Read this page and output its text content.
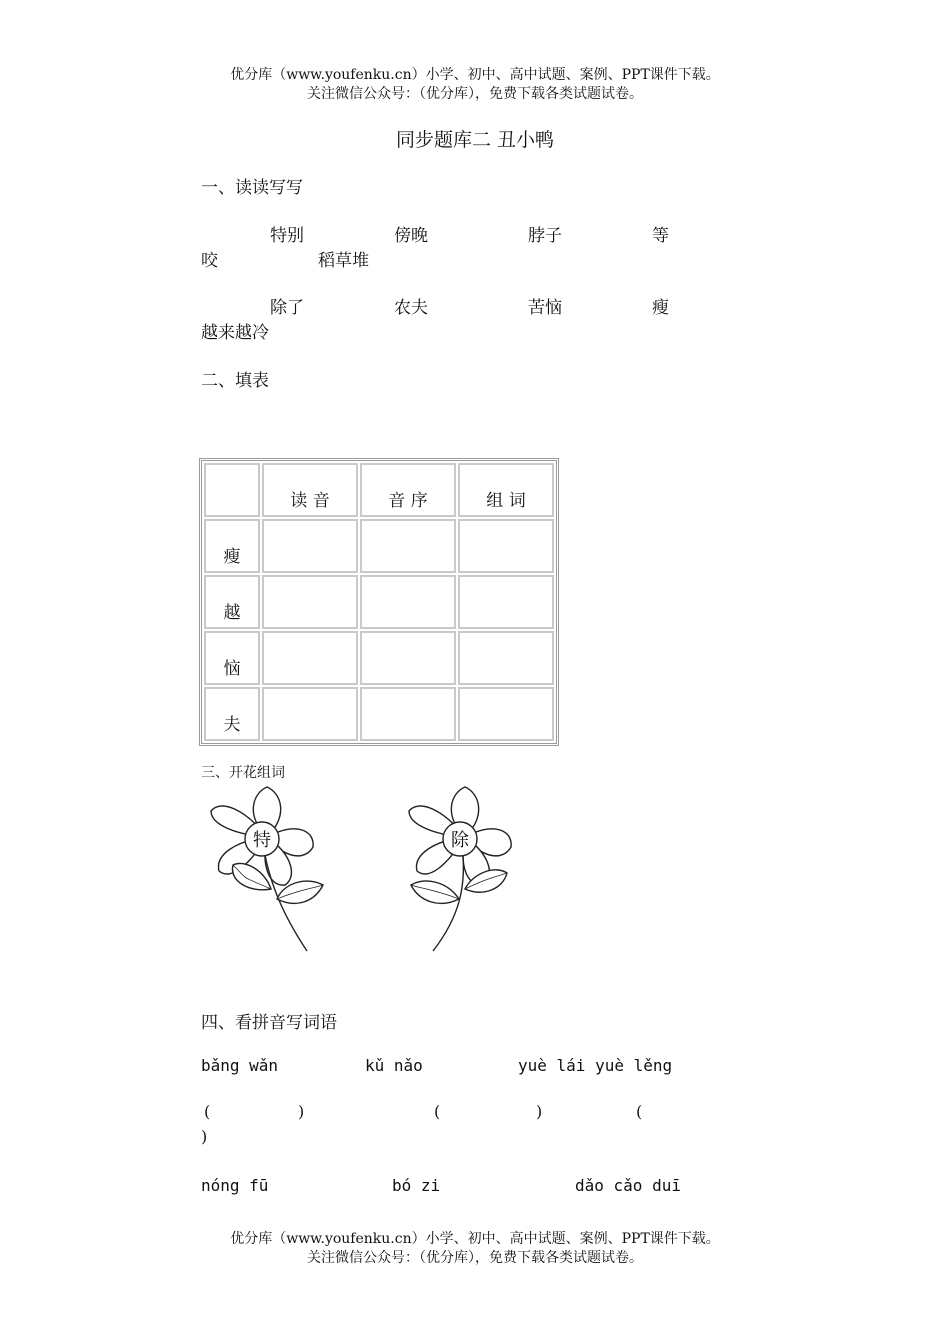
优分库（www.youfenku.cn）小学、初中、高中试题、案例、PPT课件下载。
关注微信公众号：（优分库），免费下载各类试题试卷。
同步题库二 丑小鸭
一、读读写写
特别	傍晚	脖子	等
咬	稻草堆
除了	农夫	苦恼	瘦
越来越冷
二、填表
	读 音	音 序	组 词
瘦			
越			
恼			
夫			
三、开花组词
特	除
四、看拼音写词语
bǎng wǎn	kǔ nǎo	yuè lái yuè lěng
(	)	(	)	(
)
nóng fū	bó zi	dǎo cǎo duī
优分库（www.youfenku.cn）小学、初中、高中试题、案例、PPT课件下载。
关注微信公众号：（优分库），免费下载各类试题试卷。
